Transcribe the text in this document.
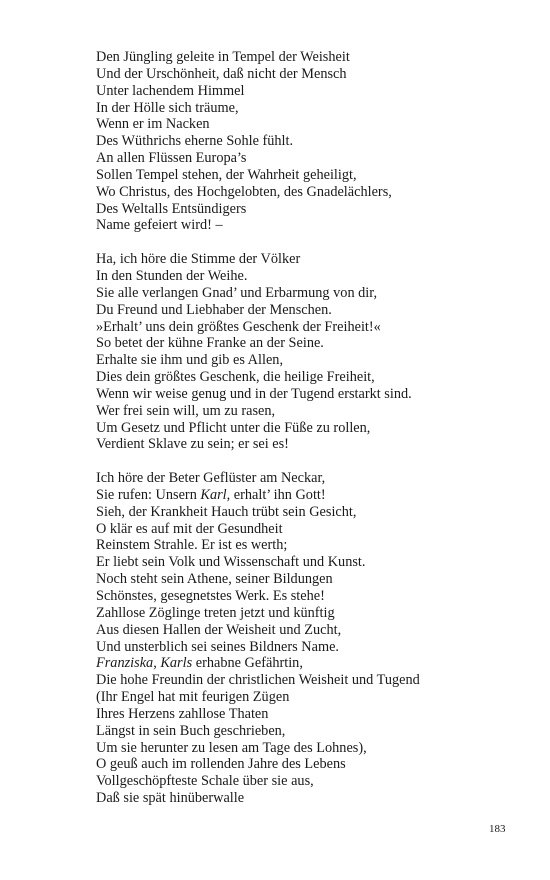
Den Jüngling geleite in Tempel der Weisheit
Und der Urschönheit, daß nicht der Mensch
Unter lachendem Himmel
In der Hölle sich träume,
Wenn er im Nacken
Des Wüthrichs eherne Sohle fühlt.
An allen Flüssen Europa’s
Sollen Tempel stehen, der Wahrheit geheiligt,
Wo Christus, des Hochgelobten, des Gnadelächlers,
Des Weltalls Entsündigers
Name gefeiert wird! –
Ha, ich höre die Stimme der Völker
In den Stunden der Weihe.
Sie alle verlangen Gnad’ und Erbarmung von dir,
Du Freund und Liebhaber der Menschen.
»Erhalt’ uns dein größtes Geschenk der Freiheit!«
So betet der kühne Franke an der Seine.
Erhalte sie ihm und gib es Allen,
Dies dein größtes Geschenk, die heilige Freiheit,
Wenn wir weise genug und in der Tugend erstarkt sind.
Wer frei sein will, um zu rasen,
Um Gesetz und Pflicht unter die Füße zu rollen,
Verdient Sklave zu sein; er sei es!
Ich höre der Beter Geflüster am Neckar,
Sie rufen: Unsern Karl, erhalt’ ihn Gott!
Sieh, der Krankheit Hauch trübt sein Gesicht,
O klär es auf mit der Gesundheit
Reinstem Strahle. Er ist es werth;
Er liebt sein Volk und Wissenschaft und Kunst.
Noch steht sein Athene, seiner Bildungen
Schönstes, gesegnetstes Werk. Es stehe!
Zahllose Zöglinge treten jetzt und künftig
Aus diesen Hallen der Weisheit und Zucht,
Und unsterblich sei seines Bildners Name.
Franziska, Karls erhabne Gefährtin,
Die hohe Freundin der christlichen Weisheit und Tugend
(Ihr Engel hat mit feurigen Zügen
Ihres Herzens zahllose Thaten
Längst in sein Buch geschrieben,
Um sie herunter zu lesen am Tage des Lohnes),
O geuß auch im rollenden Jahre des Lebens
Vollgeschöpfteste Schale über sie aus,
Daß sie spät hinüberwalle
183
